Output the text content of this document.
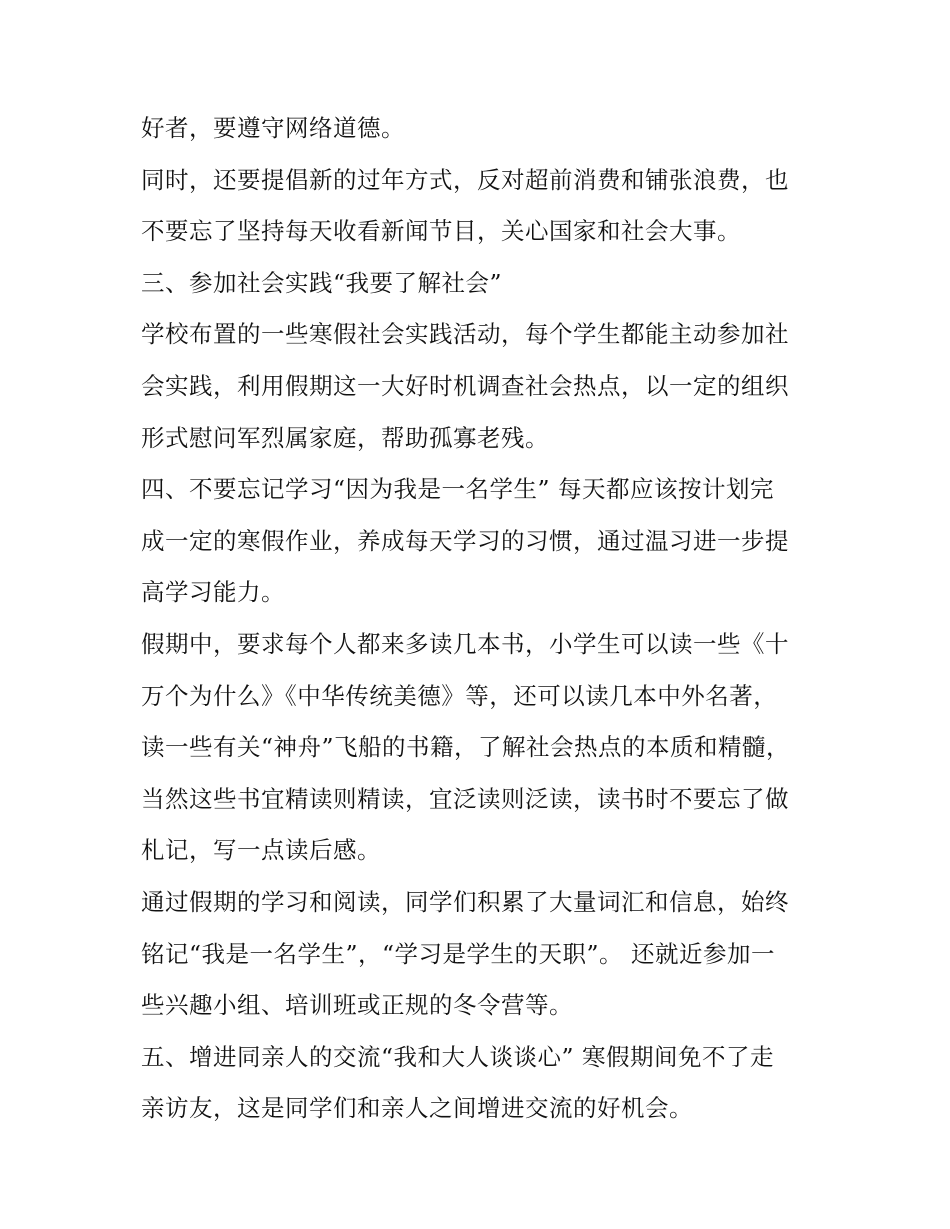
好者，要遵守网络道德。
同时，还要提倡新的过年方式，反对超前消费和铺张浪费，也
不要忘了坚持每天收看新闻节目，关心国家和社会大事。
三、参加社会实践“我要了解社会”
学校布置的一些寒假社会实践活动，每个学生都能主动参加社
会实践，利用假期这一大好时机调查社会热点，以一定的组织
形式慰问军烈属家庭，帮助孤寡老残。
四、不要忘记学习“因为我是一名学生” 每天都应该按计划完
成一定的寒假作业，养成每天学习的习惯，通过温习进一步提
高学习能力。
假期中，要求每个人都来多读几本书，小学生可以读一些《十
万个为什么》《中华传统美德》等，还可以读几本中外名著，
读一些有关“神舟”飞船的书籍，了解社会热点的本质和精髓，
当然这些书宜精读则精读，宜泛读则泛读，读书时不要忘了做
札记，写一点读后感。
通过假期的学习和阅读，同学们积累了大量词汇和信息，始终
铭记“我是一名学生”，“学习是学生的天职”。 还就近参加一
些兴趣小组、培训班或正规的冬令营等。
五、增进同亲人的交流“我和大人谈谈心” 寒假期间免不了走
亲访友，这是同学们和亲人之间增进交流的好机会。
